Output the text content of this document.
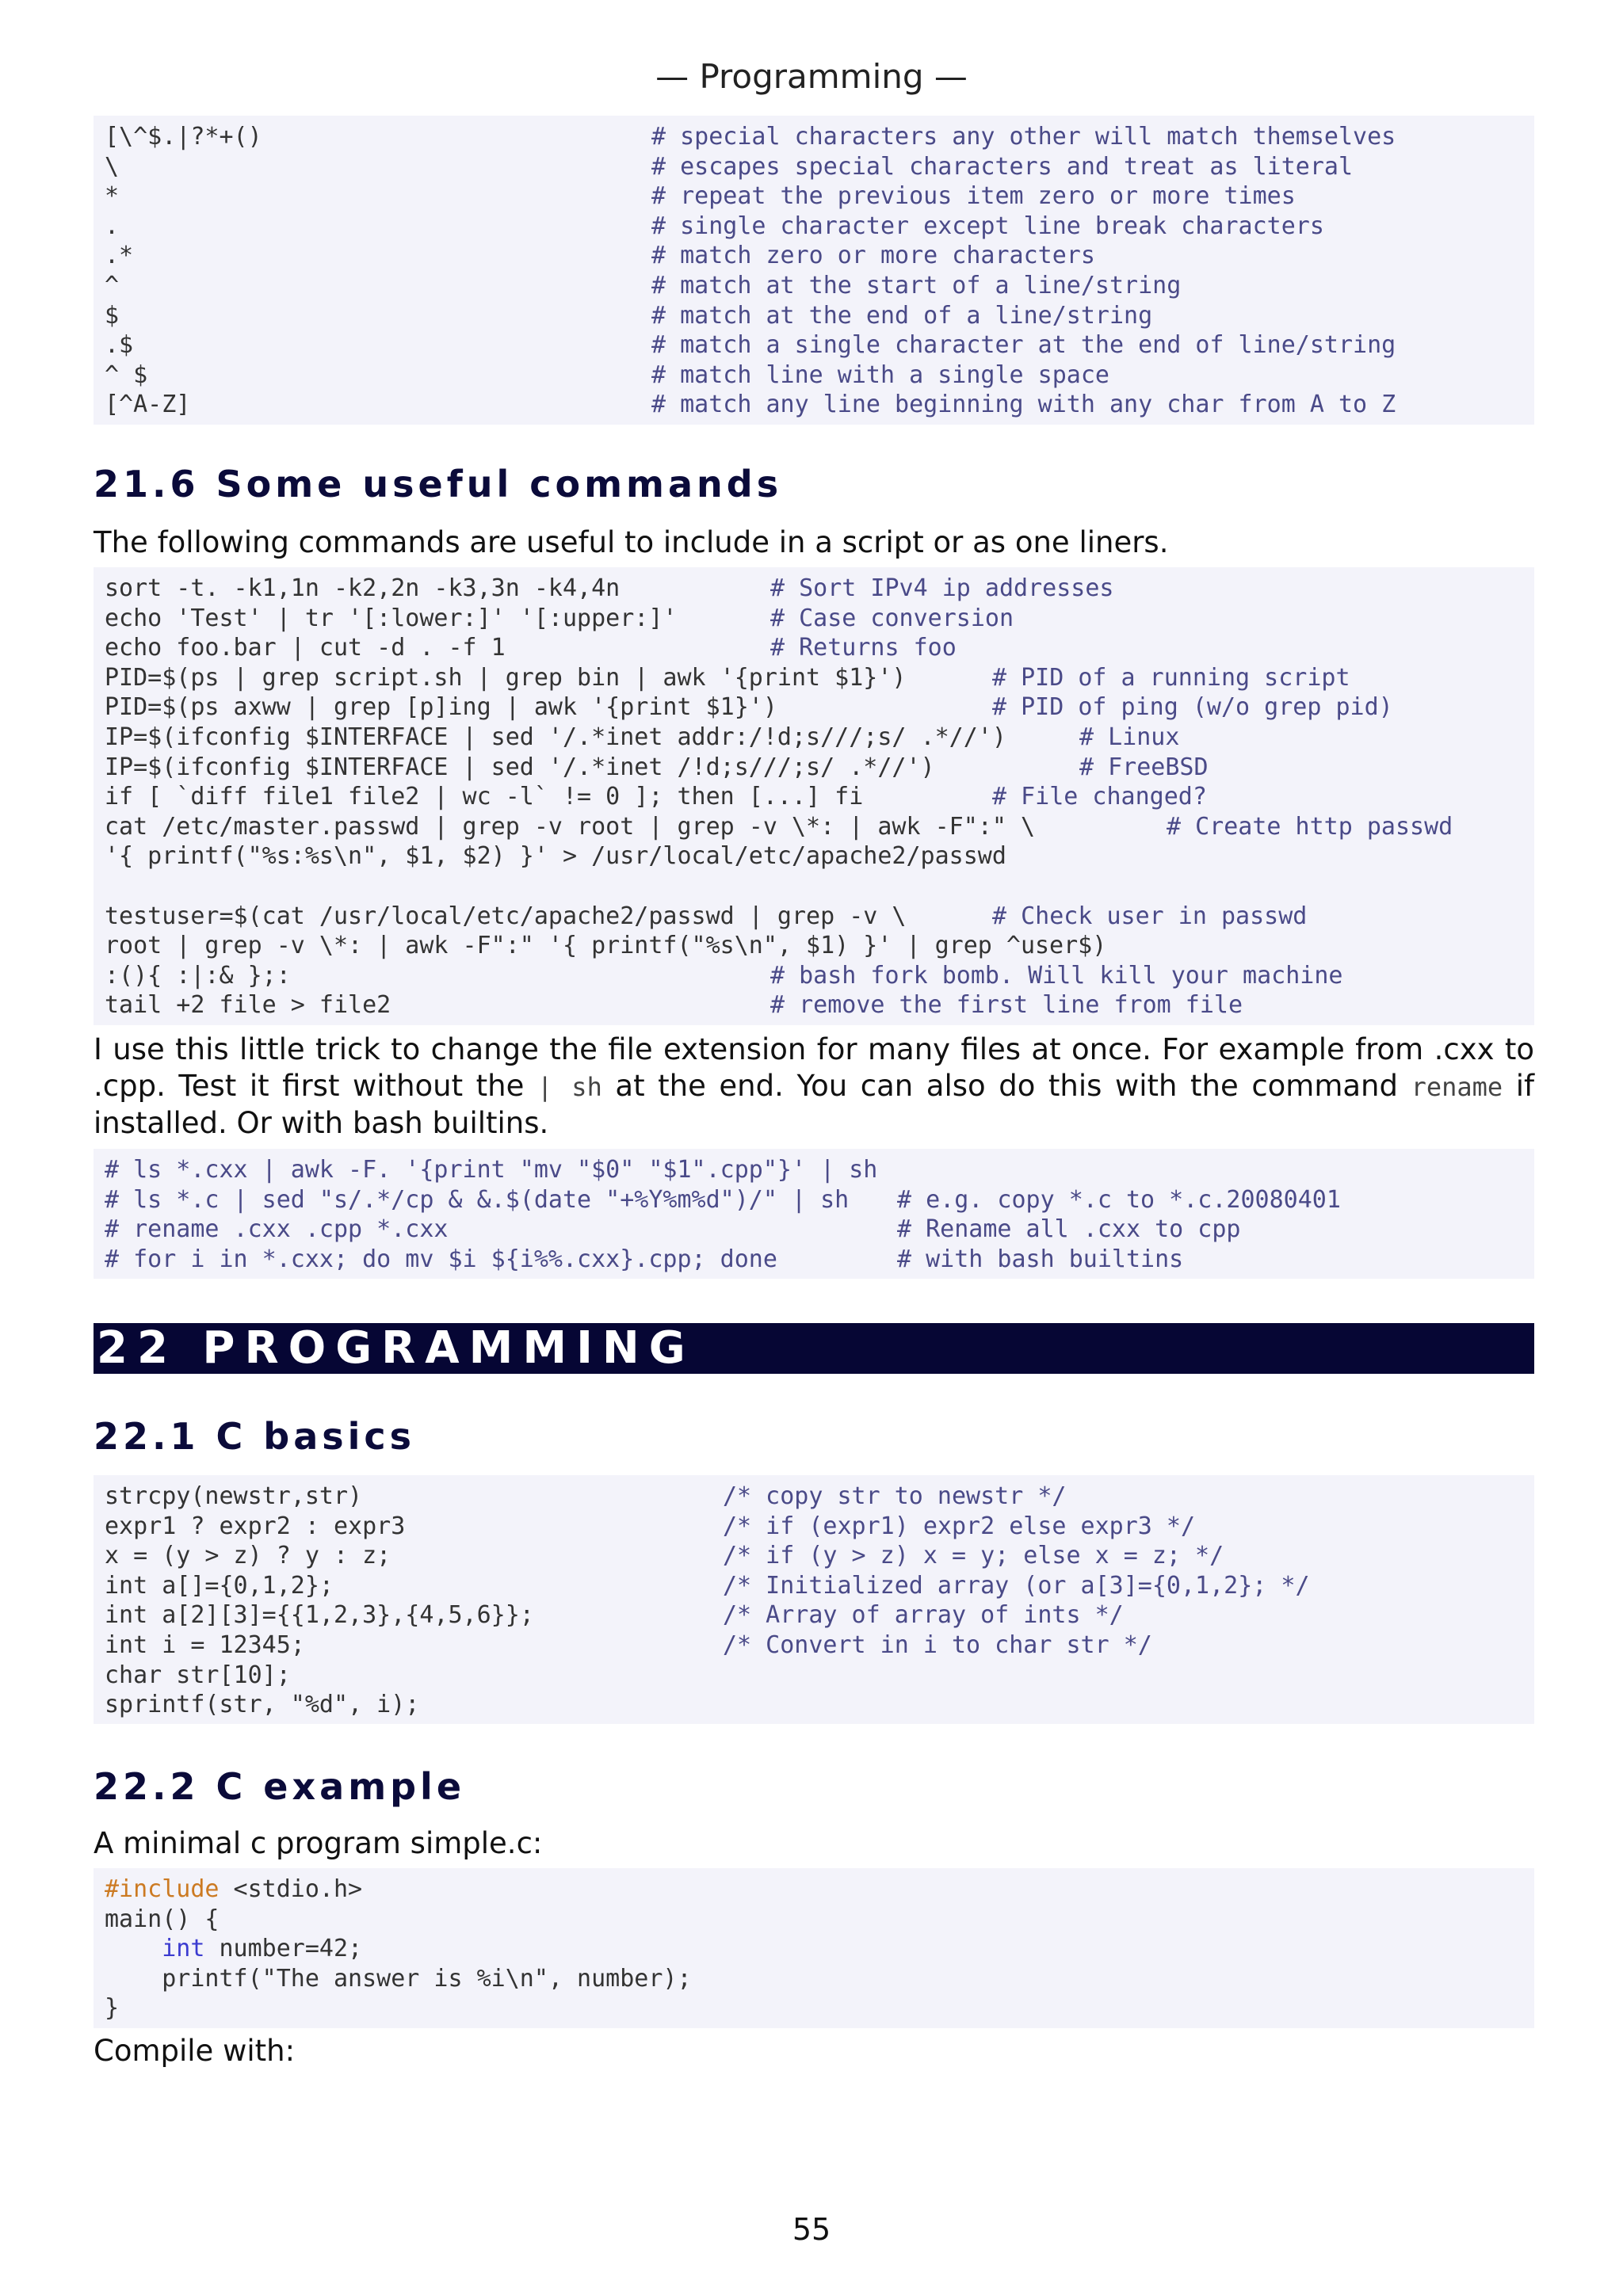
— Programming —
[\^$.|?*+()	# special characters any other will match themselves
\	# escapes special characters and treat as literal
*	# repeat the previous item zero or more times
.	# single character except line break characters
.*	# match zero or more characters
^	# match at the start of a line/string
$	# match at the end of a line/string
.$	# match a single character at the end of line/string
^ $	# match line with a single space
[^A-Z]	# match any line beginning with any char from A to Z
21.6 Some useful commands
The following commands are useful to include in a script or as one liners.
sort -t. -k1,1n -k2,2n -k3,3n -k4,4n	# Sort IPv4 ip addresses
echo 'Test' | tr '[:lower:]' '[:upper:]'	# Case conversion
echo foo.bar | cut -d . -f 1	# Returns foo
PID=$(ps | grep script.sh | grep bin | awk '{print $1}')	# PID of a running script
PID=$(ps axww | grep [p]ing | awk '{print $1}')	# PID of ping (w/o grep pid)
IP=$(ifconfig $INTERFACE | sed '/.*inet addr:/!d;s///;s/ .*//')	# Linux
IP=$(ifconfig $INTERFACE | sed '/.*inet /!d;s///;s/ .*//')	# FreeBSD
if [ `diff file1 file2 | wc -l` != 0 ]; then [...] fi	# File changed?
cat /etc/master.passwd | grep -v root | grep -v \*: | awk -F":" \	# Create http passwd
'{ printf("%s:%s\n", $1, $2) }' > /usr/local/etc/apache2/passwd
testuser=$(cat /usr/local/etc/apache2/passwd | grep -v \	# Check user in passwd
root | grep -v \*: | awk -F":" '{ printf("%s\n", $1) }' | grep ^user$)
:(){ :|:& };:	# bash fork bomb. Will kill your machine
tail +2 file > file2	# remove the first line from file
I use this little trick to change the file extension for many files at once. For example from .cxx to .cpp. Test it first without the | sh at the end. You can also do this with the command rename if installed. Or with bash builtins.
# ls *.cxx | awk -F. '{print "mv "$0" "$1".cpp"}' | sh
# ls *.c | sed "s/.*/cp & &.$(date "+%Y%m%d")/" | sh # e.g. copy *.c to *.c.20080401
# rename .cxx .cpp *.cxx	# Rename all .cxx to cpp
# for i in *.cxx; do mv $i ${i%%.cxx}.cpp; done	# with bash builtins
22 PROGRAMMING
22.1 C basics
strcpy(newstr,str)	/* copy str to newstr */
expr1 ? expr2 : expr3	/* if (expr1) expr2 else expr3 */
x = (y > z) ? y : z;	/* if (y > z) x = y; else x = z; */
int a[]={0,1,2};	/* Initialized array (or a[3]={0,1,2}; */
int a[2][3]={{1,2,3},{4,5,6}};	/* Array of array of ints */
int i = 12345;	/* Convert in i to char str */
char str[10];
sprintf(str, "%d", i);
22.2 C example
A minimal c program simple.c:
#include <stdio.h>
main() {
int number=42;
printf("The answer is %i\n", number);
}
Compile with:
55
